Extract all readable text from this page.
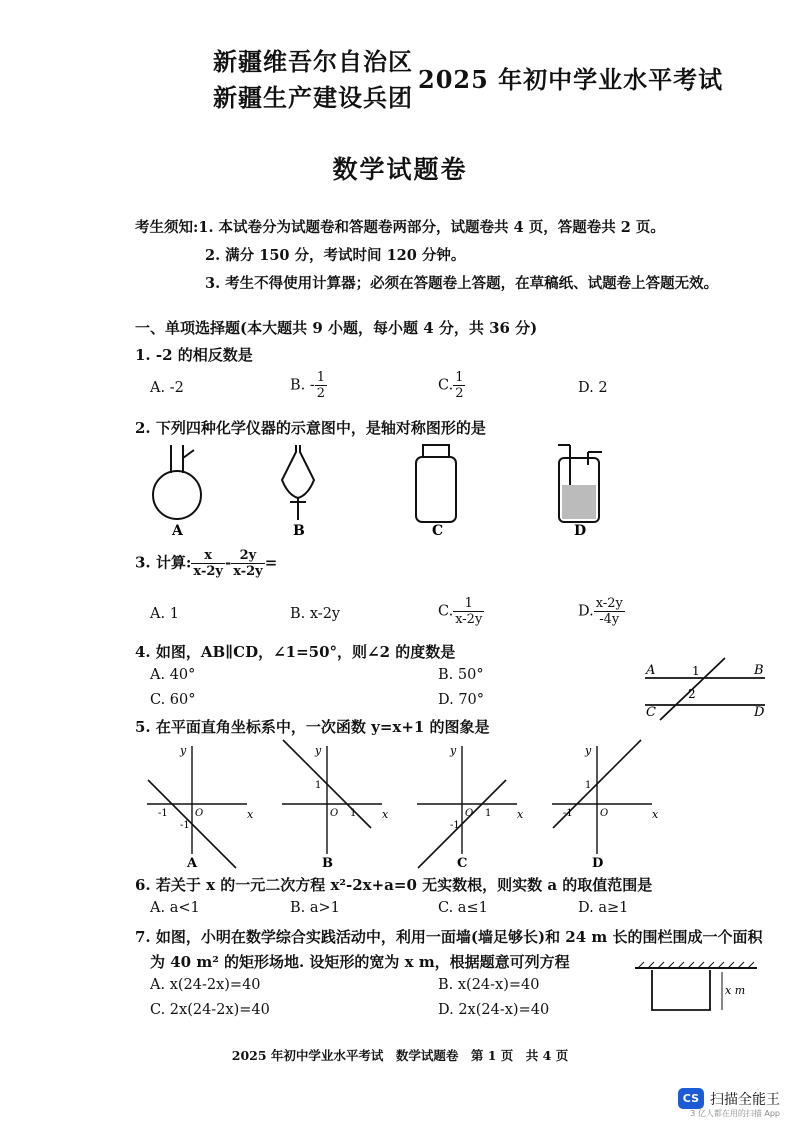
新疆维吾尔自治区
新疆生产建设兵团
2025 年初中学业水平考试
数学试题卷
考生须知:1. 本试卷分为试题卷和答题卷两部分，试题卷共 4 页，答题卷共 2 页。
2. 满分 150 分，考试时间 120 分钟。
3. 考生不得使用计算器；必须在答题卷上答题，在草稿纸、试题卷上答题无效。
一、单项选择题(本大题共 9 小题，每小题 4 分，共 36 分)
1. -2 的相反数是
A. -2	B. - $\frac{1}{2}$	C. $\frac{1}{2}$	D. 2
2. 下列四种化学仪器的示意图中，是轴对称图形的是
A	B	C	D
3. 计算: $\frac{x}{x-2y} - \frac{2y}{x-2y}$ =
A. 1	B. x-2y	C. $\frac{1}{x-2y}$	D. $\frac{x-2y}{-4y}$
4. 如图，AB∥CD，∠1=50°，则∠2 的度数是
A. 40°	B. 50°
C. 60°	D. 70°
A	B
C	D
1
2
5. 在平面直角坐标系中，一次函数 y=x+1 的图象是
x
y
O
-1
-1
A
x
y
O 1
1
B
x
y
O 1
-1
C
x
y
O
-1
1
D
6. 若关于 x 的一元二次方程 x²-2x+a=0 无实数根，则实数 a 的取值范围是
A. a<1	B. a>1	C. a≤1	D. a≥1
7. 如图，小明在数学综合实践活动中，利用一面墙(墙足够长)和 24 m 长的围栏围成一个面积
为 40 m² 的矩形场地. 设矩形的宽为 x m，根据题意可列方程
A. x(24-2x)=40	B. x(24-x)=40
C. 2x(24-2x)=40	D. 2x(24-x)=40
x m
2025 年初中学业水平考试　数学试题卷　第 1 页　共 4 页
CS 扫描全能王
3 亿人都在用的扫描 App
